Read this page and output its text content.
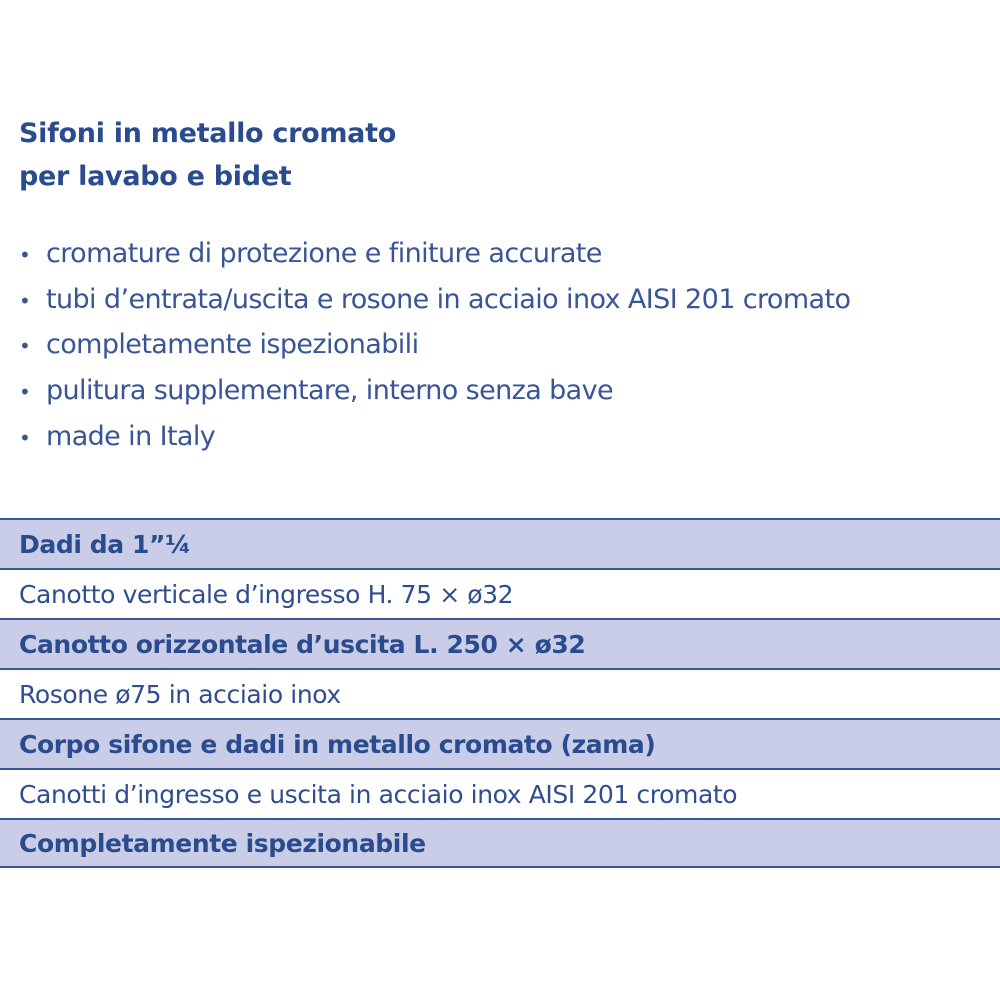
Sifoni in metallo cromato
per lavabo e bidet
• cromature di protezione e finiture accurate
• tubi d’entrata/uscita e rosone in acciaio inox AISI 201 cromato
• completamente ispezionabili
• pulitura supplementare, interno senza bave
• made in Italy
Dadi da 1”¼
Canotto verticale d’ingresso H. 75 × ø32
Canotto orizzontale d’uscita L. 250 × ø32
Rosone ø75 in acciaio inox
Corpo sifone e dadi in metallo cromato (zama)
Canotti d’ingresso e uscita in acciaio inox AISI 201 cromato
Completamente ispezionabile
